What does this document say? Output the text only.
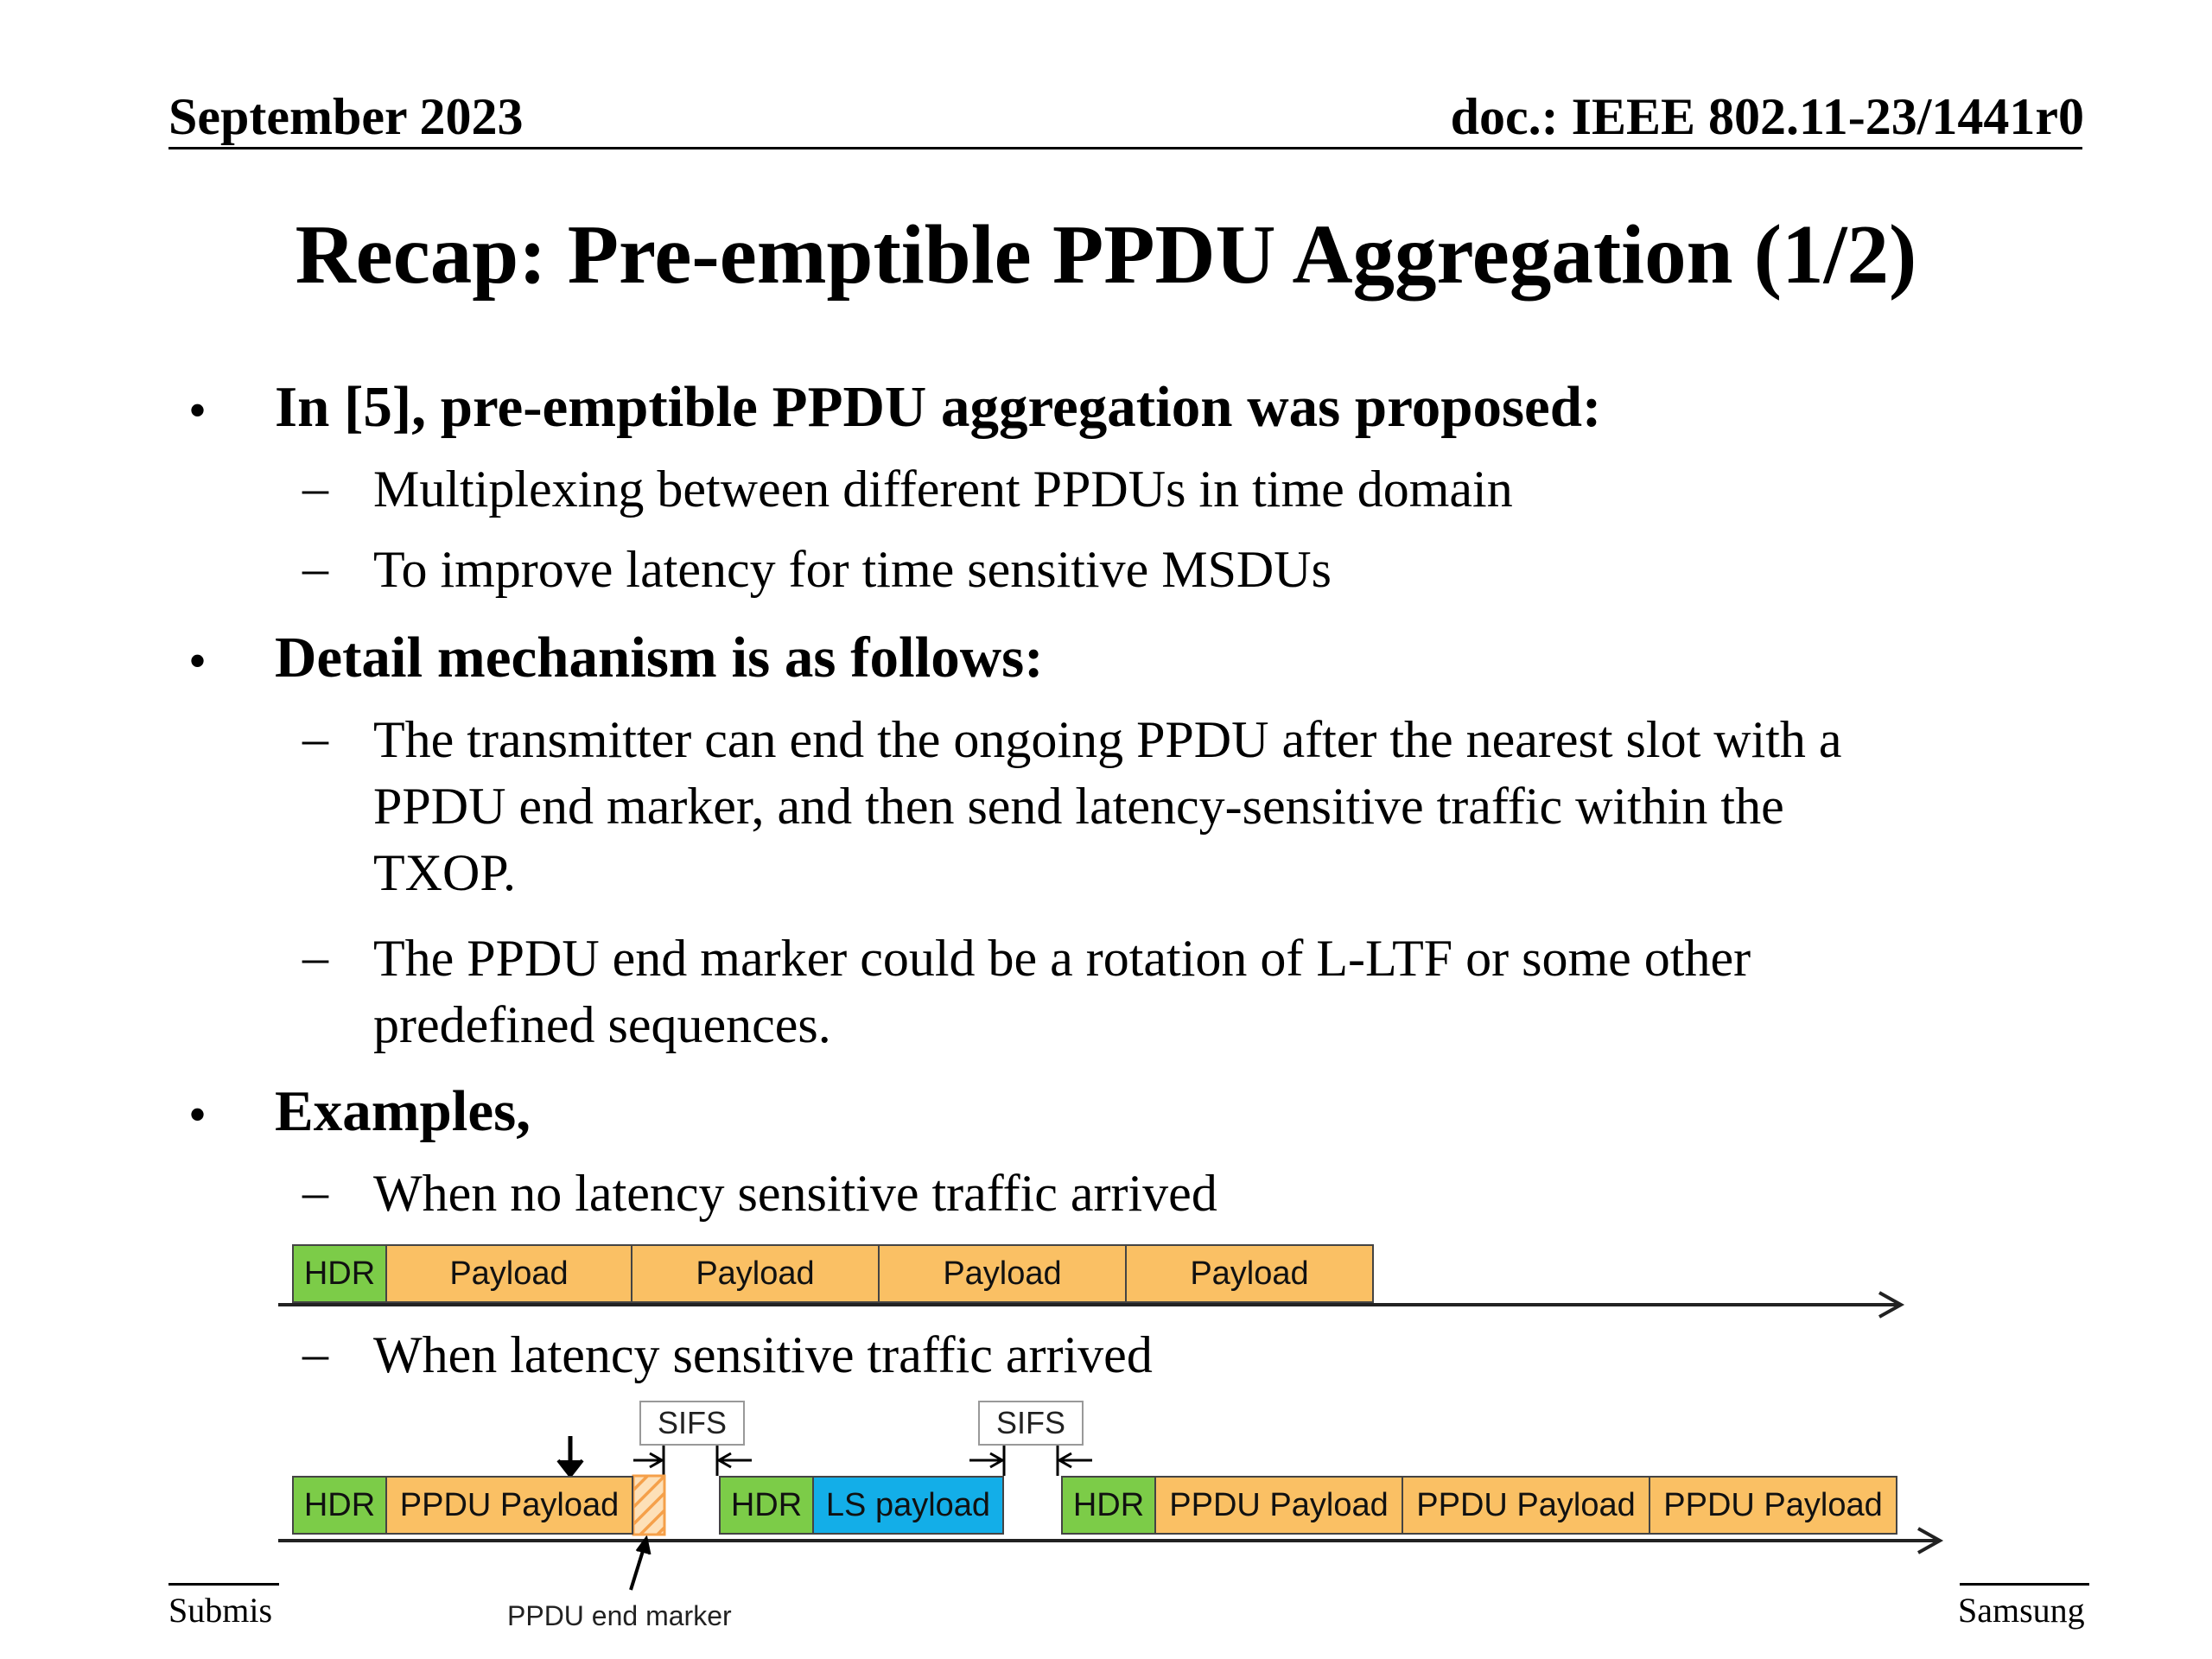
September 2023	doc.: IEEE 802.11-23/1441r0
Recap: Pre-emptible PPDU Aggregation (1/2)
• In [5], pre-emptible PPDU aggregation was proposed:
– Multiplexing between different PPDUs in time domain
– To improve latency for time sensitive MSDUs
• Detail mechanism is as follows:
– The transmitter can end the ongoing PPDU after the nearest slot with a
PPDU end marker, and then send latency-sensitive traffic within the
TXOP.
– The PPDU end marker could be a rotation of L-LTF or some other
predefined sequences.
• Examples,
– When no latency sensitive traffic arrived
HDR	Payload	Payload	Payload	Payload
– When latency sensitive traffic arrived
HDR PPDU Payload
SIFS
HDR LS payload
SIFS
HDR PPDU Payload PPDU Payload PPDU Payload
PPDU end marker
Submis	Samsung
